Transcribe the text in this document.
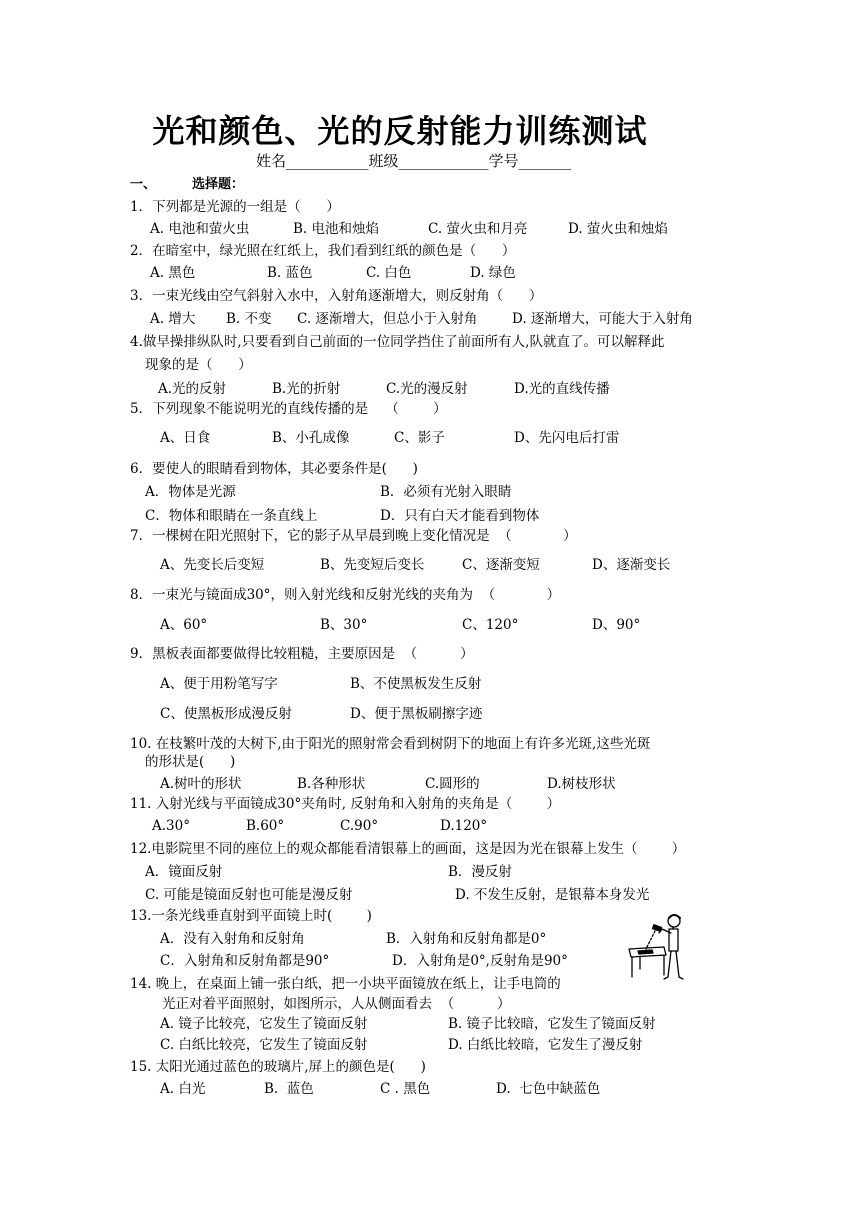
光和颜色、光的反射能力训练测试
姓名___________班级____________学号_______
一、	选择题：
1．下列都是光源的一组是（      ）
A. 电池和萤火虫	B. 电池和烛焰	C. 萤火虫和月亮	D. 萤火虫和烛焰
2．在暗室中，绿光照在红纸上，我们看到红纸的颜色是（      ）
A. 黑色	B. 蓝色	C. 白色	D. 绿色
3．一束光线由空气斜射入水中，入射角逐渐增大，则反射角（      ）
A. 增大 B. 不变 C. 逐渐增大，但总小于入射角	D. 逐渐增大，可能大于入射角
4.做早操排纵队时,只要看到自己前面的一位同学挡住了前面所有人,队就直了。可以解释此
现象的是（      ）
A.光的反射	B.光的折射	C.光的漫反射	D.光的直线传播
5．下列现象不能说明光的直线传播的是    （        ）
A、日食	B、小孔成像	C、影子	D、先闪电后打雷
6．要使人的眼睛看到物体，其必要条件是(      )
A．物体是光源	B．必须有光射入眼睛
C．物体和眼睛在一条直线上	D．只有白天才能看到物体
7．一棵树在阳光照射下，它的影子从早晨到晚上变化情况是  （            ）
A、先变长后变短	B、先变短后变长	C、逐渐变短	D、逐渐变长
8．一束光与镜面成30°，则入射光线和反射光线的夹角为  （            ）
A、60°	B、30°	C、120°	D、90°
9．黑板表面都要做得比较粗糙，主要原因是  （          ）
A、便于用粉笔写字	B、不使黑板发生反射
C、使黑板形成漫反射	D、便于黑板刷擦字迹
10. 在枝繁叶茂的大树下,由于阳光的照射常会看到树阴下的地面上有许多光斑,这些光斑
的形状是(      )
A.树叶的形状	B.各种形状	C.圆形的	D.树枝形状
11. 入射光线与平面镜成30°夹角时, 反射角和入射角的夹角是（        ）
A.30°	B.60°	C.90°	D.120°
12.电影院里不同的座位上的观众都能看清银幕上的画面，这是因为光在银幕上发生（        ）
A．镜面反射	B．漫反射
C. 可能是镜面反射也可能是漫反射	D. 不发生反射，是银幕本身发光
13.一条光线垂直射到平面镜上时(        )
A．没有入射角和反射角	B．入射角和反射角都是0°
C．入射角和反射角都是90°	D．入射角是0°,反射角是90°
14. 晚上，在桌面上铺一张白纸，把一小块平面镜放在纸上，让手电筒的
光正对着平面照射，如图所示，人从侧面看去  （          ）
A. 镜子比较亮，它发生了镜面反射	B. 镜子比较暗，它发生了镜面反射
C. 白纸比较亮，它发生了镜面反射	D. 白纸比较暗，它发生了漫反射
15. 太阳光通过蓝色的玻璃片,屏上的颜色是(      )
A. 白光	B.  蓝色	C . 黑色	D.  七色中缺蓝色
